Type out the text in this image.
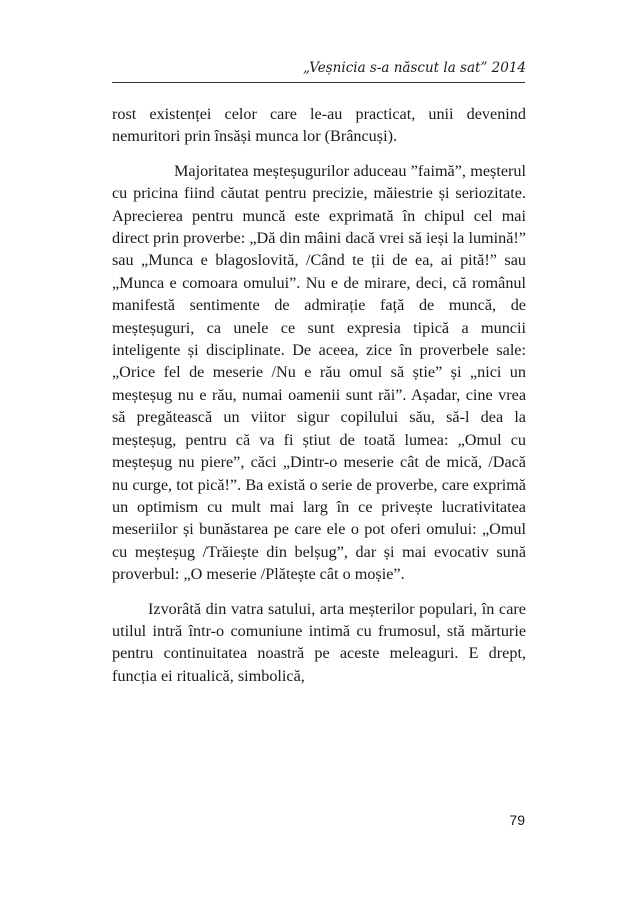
„Veșnicia s-a născut la sat” 2014

rost existenței celor care le-au practicat, unii devenind nemuritori prin însăși munca lor (Brâncuși).

Majoritatea meșteșugurilor aduceau ”faimă”, meșterul cu pricina fiind căutat pentru precizie, măiestrie și seriozitate. Aprecierea pentru muncă este exprimată în chipul cel mai direct prin proverbe: „Dă din mâini dacă vrei să ieși la lumină!” sau „Munca e blagoslovită, /Când te ții de ea, ai pită!” sau „Munca e comoara omului”. Nu e de mirare, deci, că românul manifestă sentimente de admirație față de muncă, de meșteșuguri, ca unele ce sunt expresia tipică a muncii inteligente și disciplinate. De aceea, zice în proverbele sale: „Orice fel de meserie /Nu e rău omul să știe” și „nici un meșteșug nu e rău, numai oamenii sunt răi”. Așadar, cine vrea să pregătească un viitor sigur copilului său, să-l dea la meșteșug, pentru că va fi știut de toată lumea: „Omul cu meșteșug nu piere”, căci „Dintr-o meserie cât de mică, /Dacă nu curge, tot pică!”. Ba există o serie de proverbe, care exprimă un optimism cu mult mai larg în ce privește lucrativitatea meseriilor și bunăstarea pe care ele o pot oferi omului: „Omul cu meșteșug /Trăiește din belșug”, dar și mai evocativ sună proverbul: „O meserie /Plătește cât o moșie”.

Izvorâtă din vatra satului, arta meșterilor populari, în care utilul intră într-o comuniune intimă cu frumosul, stă mărturie pentru continuitatea noastră pe aceste meleaguri. E drept, funcția ei ritualică, simbolică,

79
